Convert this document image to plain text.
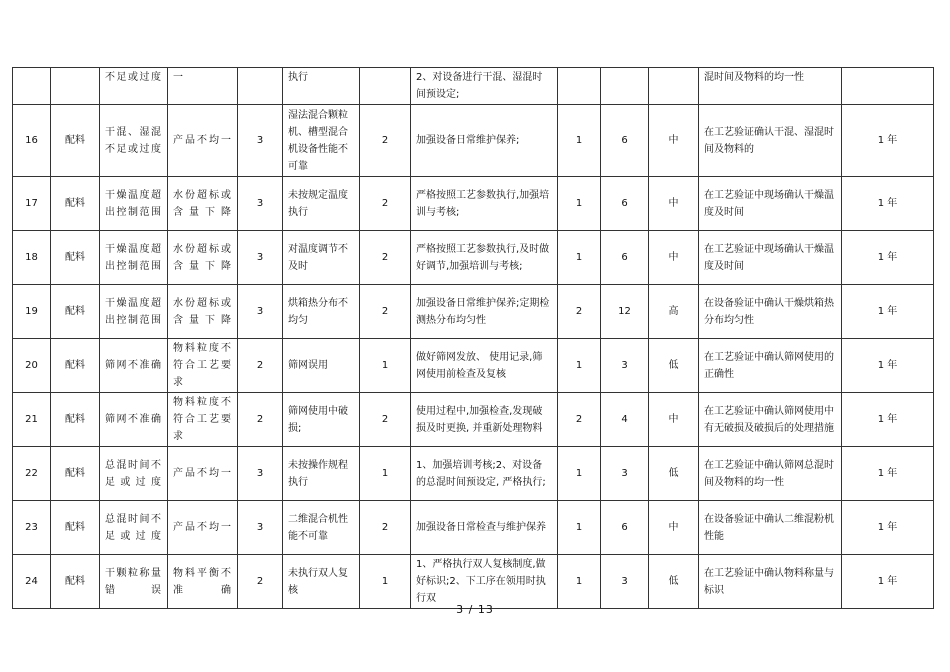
		不足或过度	一		执行		2、对设备进行干混、湿混时间预设定;				混时间及物料的均一性	
16	配料	干混、湿混不足或过度	产品不均一	3	湿法混合颗粒机、槽型混合机设备性能不可靠	2	加强设备日常维护保养;	1	6	中	在工艺验证确认干混、湿混时间及物料的	1 年
17	配料	干燥温度超出控制范围	水份超标或含量下降	3	未按规定温度执行	2	严格按照工艺参数执行,加强培训与考核;	1	6	中	在工艺验证中现场确认干燥温度及时间	1 年
18	配料	干燥温度超出控制范围	水份超标或含量下降	3	对温度调节不及时	2	严格按照工艺参数执行,及时做好调节,加强培训与考核;	1	6	中	在工艺验证中现场确认干燥温度及时间	1 年
19	配料	干燥温度超出控制范围	水份超标或含量下降	3	烘箱热分布不均匀	2	加强设备日常维护保养;定期检测热分布均匀性	2	12	高	在设备验证中确认干燥烘箱热分布均匀性	1 年
20	配料	筛网不准确	物料粒度不符合工艺要求	2	筛网误用	1	做好筛网发放、 使用记录,筛网使用前检查及复核	1	3	低	在工艺验证中确认筛网使用的正确性	1 年
21	配料	筛网不准确	物料粒度不符合工艺要求	2	筛网使用中破损;	2	使用过程中,加强检查,发现破损及时更换, 并重新处理物料	2	4	中	在工艺验证中确认筛网使用中有无破损及破损后的处理措施	1 年
22	配料	总混时间不足或过度	产品不均一	3	未按操作规程执行	1	1、加强培训考核;2、对设备的总混时间预设定, 严格执行;	1	3	低	在工艺验证中确认筛网总混时间及物料的均一性	1 年
23	配料	总混时间不足或过度	产品不均一	3	二维混合机性能不可靠	2	加强设备日常检查与维护保养	1	6	中	在设备验证中确认二维混粉机性能	1 年
24	配料	干颗粒称量错误	物料平衡不准确	2	未执行双人复核	1	1、严格执行双人复核制度,做好标识;2、下工序在领用时执行双	1	3	低	在工艺验证中确认物料称量与标识	1 年
3 / 13
